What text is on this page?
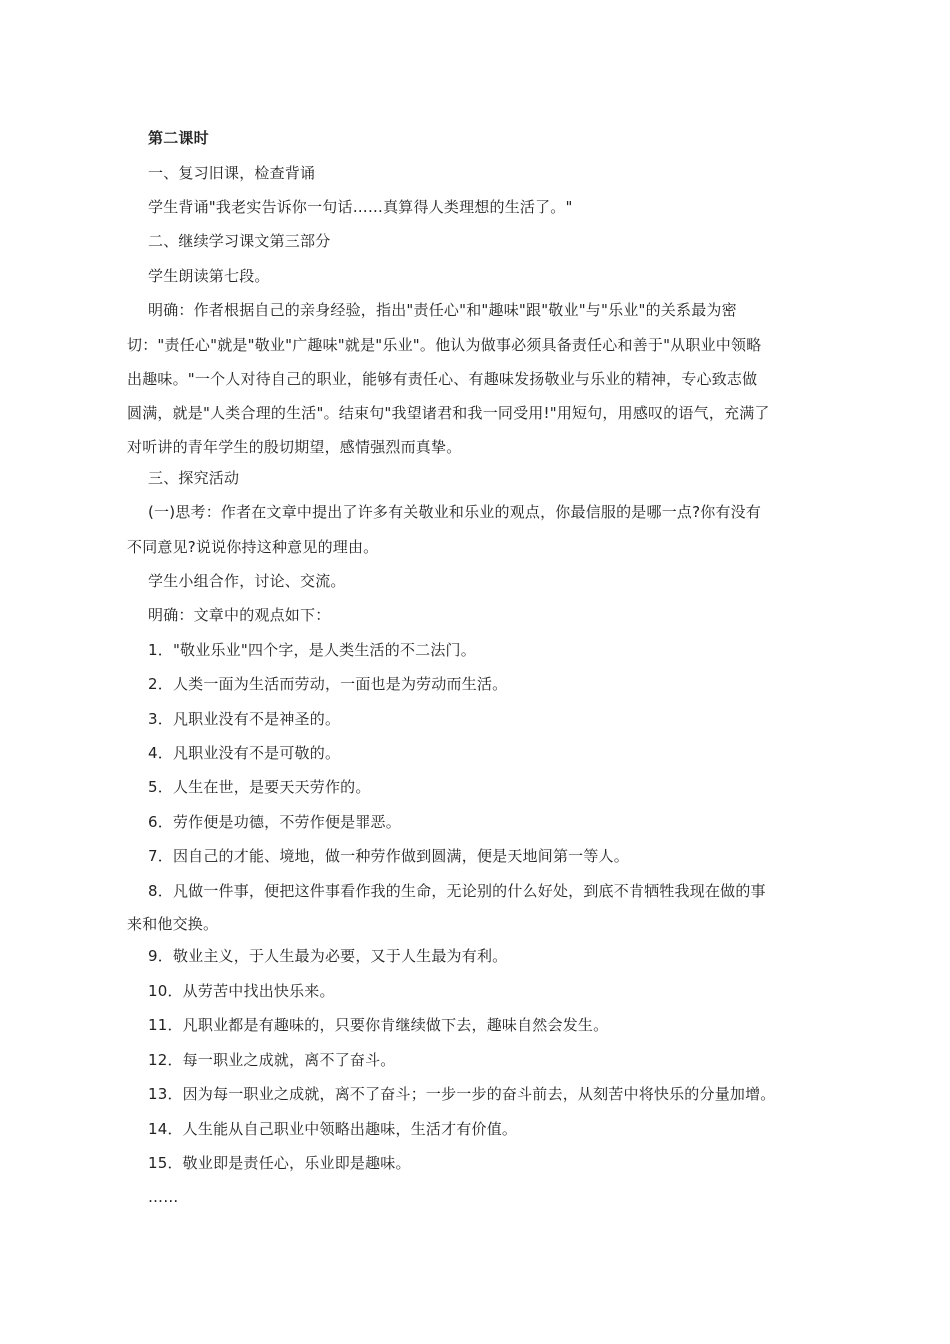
第二课时
一、复习旧课，检查背诵
学生背诵"我老实告诉你一句话……真算得人类理想的生活了。"
二、继续学习课文第三部分
学生朗读第七段。
明确：作者根据自己的亲身经验，指出"责任心"和"趣味"跟"敬业"与"乐业"的关系最为密
切："责任心"就是"敬业"广趣味"就是"乐业"。他认为做事必须具备责任心和善于"从职业中领略
出趣味。"一个人对待自己的职业，能够有责任心、有趣味发扬敬业与乐业的精神，专心致志做
圆满，就是"人类合理的生活"。结束句"我望诸君和我一同受用!"用短句，用感叹的语气，充满了
对听讲的青年学生的殷切期望，感情强烈而真挚。
三、探究活动
(一)思考：作者在文章中提出了许多有关敬业和乐业的观点，你最信服的是哪一点?你有没有
不同意见?说说你持这种意见的理由。
学生小组合作，讨论、交流。
明确：文章中的观点如下：
1．"敬业乐业"四个字，是人类生活的不二法门。
2．人类一面为生活而劳动，一面也是为劳动而生活。
3．凡职业没有不是神圣的。
4．凡职业没有不是可敬的。
5．人生在世，是要天天劳作的。
6．劳作便是功德，不劳作便是罪恶。
7．因自己的才能、境地，做一种劳作做到圆满，便是天地间第一等人。
8．凡做一件事，便把这件事看作我的生命，无论别的什么好处，到底不肯牺牲我现在做的事
来和他交换。
9．敬业主义，于人生最为必要，又于人生最为有利。
10．从劳苦中找出快乐来。
11．凡职业都是有趣味的，只要你肯继续做下去，趣味自然会发生。
12．每一职业之成就，离不了奋斗。
13．因为每一职业之成就，离不了奋斗；一步一步的奋斗前去，从刻苦中将快乐的分量加增。
14．人生能从自己职业中领略出趣味，生活才有价值。
15．敬业即是责任心，乐业即是趣味。
……
